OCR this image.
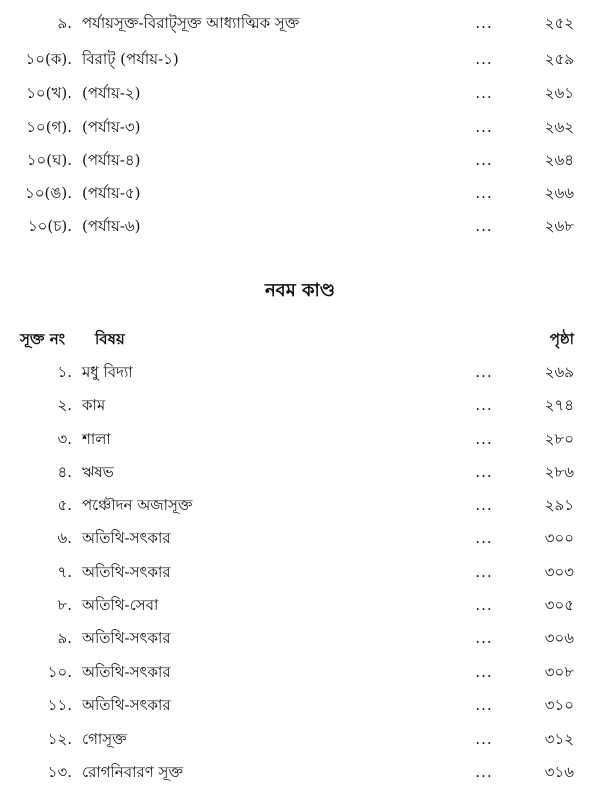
৯. পর্যায়সূক্ত-বিরাট্‌সূক্ত আধ্যাত্মিক সূক্ত	...	২৫২
১০(ক). বিরাট্‌ (পর্যায়-১)	...	২৫৯
১০(খ). (পর্যায়-২)	...	২৬১
১০(গ). (পর্যায়-৩)	...	২৬২
১০(ঘ). (পর্যায়-৪)	...	২৬৪
১০(ঙ). (পর্যায়-৫)	...	২৬৬
১০(চ). (পর্যায়-৬)	...	২৬৮
নবম কাণ্ড
সূক্ত নং বিষয়	পৃষ্ঠা
১. মধু বিদ্যা	...	২৬৯
২. কাম	...	২৭৪
৩. শালা	...	২৮০
৪. ঋষভ	...	২৮৬
৫. পঞ্চৌদন অজাসূক্ত	...	২৯১
৬. অতিথি-সৎকার	...	৩০০
৭. অতিথি-সৎকার	...	৩০৩
৮. অতিথি-সেবা	...	৩০৫
৯. অতিথি-সৎকার	...	৩০৬
১০. অতিথি-সৎকার	...	৩০৮
১১. অতিথি-সৎকার	...	৩১০
১২. গোসূক্ত	...	৩১২
১৩. রোগনিবারণ সূক্ত	...	৩১৬
